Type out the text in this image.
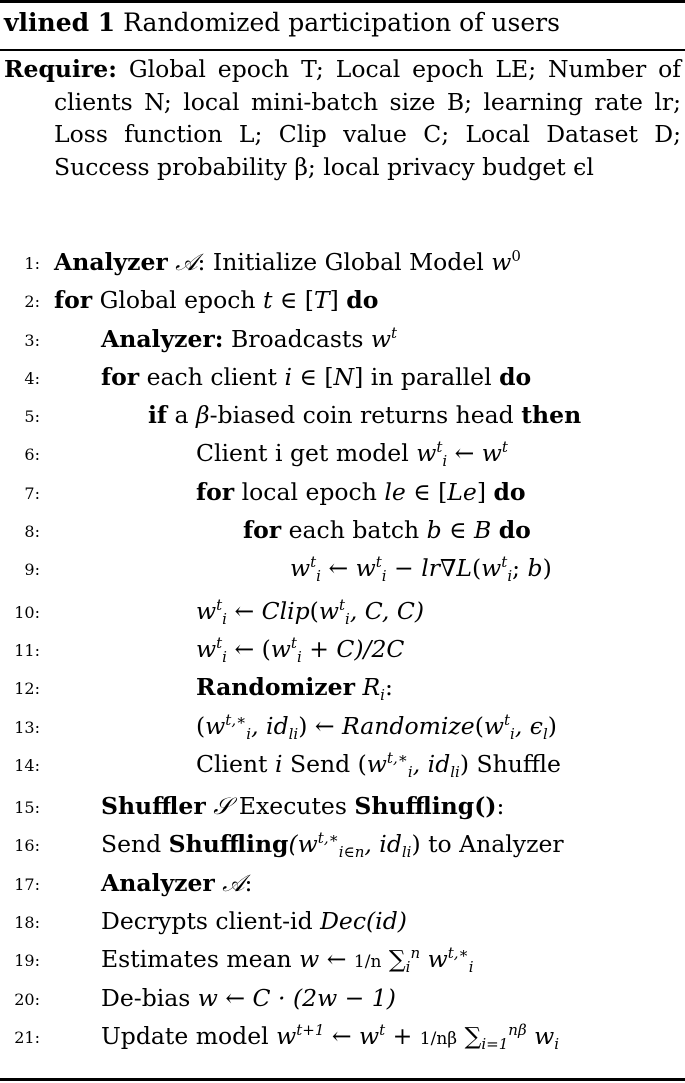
vlined 1 Randomized participation of users
Require: Global epoch T; Local epoch LE; Number of clients N; local mini-batch size B; learning rate lr; Loss function L; Clip value C; Local Dataset D; Success probability β; local privacy budget ϵl
1: Analyzer 𝒜: Initialize Global Model $w^0$
2: for Global epoch t ∈ [T] do
3:	Analyzer: Broadcasts $w^t$
4:	for each client i ∈ [N] in parallel do
5:	if a β-biased coin returns head then
6:	Client i get model $w^t_i$ ← $w^t$
7:	for local epoch le ∈ [Le] do
8:	for each batch b ∈ B do
9:	$w^t_i$ ← $w^t_i - lr\nabla L(w^t_i$; b)
10:	$w^t_i$ ← $Clip(w^t_i$, C, C)
11:	$w^t_i$ ← $(w^t_i + C)/2C$
12:	Randomizer $R_i$:
13:	($w^{t,∗}_i$, $id_{li}$) ← $Randomize(w^t_i$, $\epsilon_l$)
14:	Client i Send ($w^{t,∗}_i$, $id_{li}$) Shuffle
15:	Shuffler 𝒮 Executes Shuffling():
16:	Send $Shuffling(w^{t,∗}_{i\in n}$, $id_{li}$) to Analyzer
17:	Analyzer 𝒜:
18:	Decrypts client-id Dec(id)
19:	Estimates mean w ← 1/n $\sum_i^n$ $w^{t,∗}_i$
20:	De-bias w ← C · (2w − 1)
21:	Update model $w^{t+1}$ ← $w^t + 1/n\beta$ $\sum_{i=1}^{n\beta}$ $w_i$
